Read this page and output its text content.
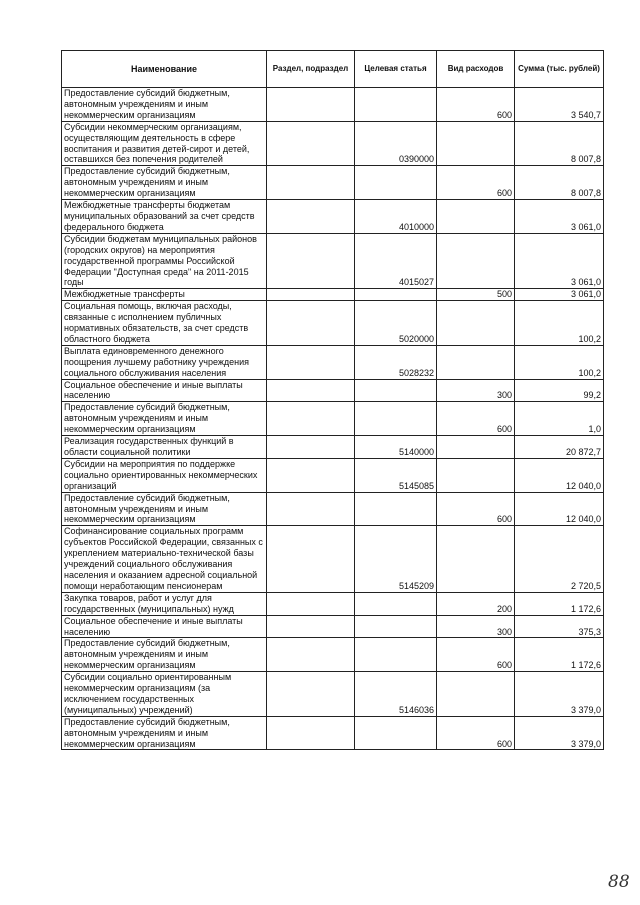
Наименование	Раздел, подраздел	Целевая статья	Вид расходов	Сумма (тыс. рублей)
Предоставление субсидий бюджетным, автономным учреждениям и иным некоммерческим организациям			600	3 540,7
Субсидии некоммерческим организациям, осуществляющим деятельность в сфере воспитания и развития детей-сирот и детей, оставшихся без попечения родителей		0390000		8 007,8
Предоставление субсидий бюджетным, автономным учреждениям и иным некоммерческим организациям			600	8 007,8
Межбюджетные трансферты бюджетам муниципальных образований за счет средств федерального бюджета		4010000		3 061,0
Субсидии бюджетам муниципальных районов (городских округов) на мероприятия государственной программы Российской Федерации "Доступная среда" на 2011-2015 годы		4015027		3 061,0
Межбюджетные трансферты			500	3 061,0
Социальная помощь, включая расходы, связанные с исполнением публичных нормативных обязательств, за счет средств областного бюджета		5020000		100,2
Выплата единовременного денежного поощрения лучшему работнику учреждения социального обслуживания населения		5028232		100,2
Социальное обеспечение и иные выплаты населению			300	99,2
Предоставление субсидий бюджетным, автономным учреждениям и иным некоммерческим организациям			600	1,0
Реализация государственных функций в области социальной политики		5140000		20 872,7
Субсидии на мероприятия по поддержке социально ориентированных некоммерческих организаций		5145085		12 040,0
Предоставление субсидий бюджетным, автономным учреждениям и иным некоммерческим организациям			600	12 040,0
Софинансирование социальных программ субъектов Российской Федерации, связанных с укреплением материально-технической базы учреждений социального обслуживания населения и оказанием адресной социальной помощи неработающим пенсионерам		5145209		2 720,5
Закупка товаров, работ и услуг для государственных (муниципальных) нужд			200	1 172,6
Социальное обеспечение и иные выплаты населению			300	375,3
Предоставление субсидий бюджетным, автономным учреждениям и иным некоммерческим организациям			600	1 172,6
Субсидии социально ориентированным некоммерческим организациям (за исключением государственных (муниципальных) учреждений)		5146036		3 379,0
Предоставление субсидий бюджетным, автономным учреждениям и иным некоммерческим организациям			600	3 379,0
88
